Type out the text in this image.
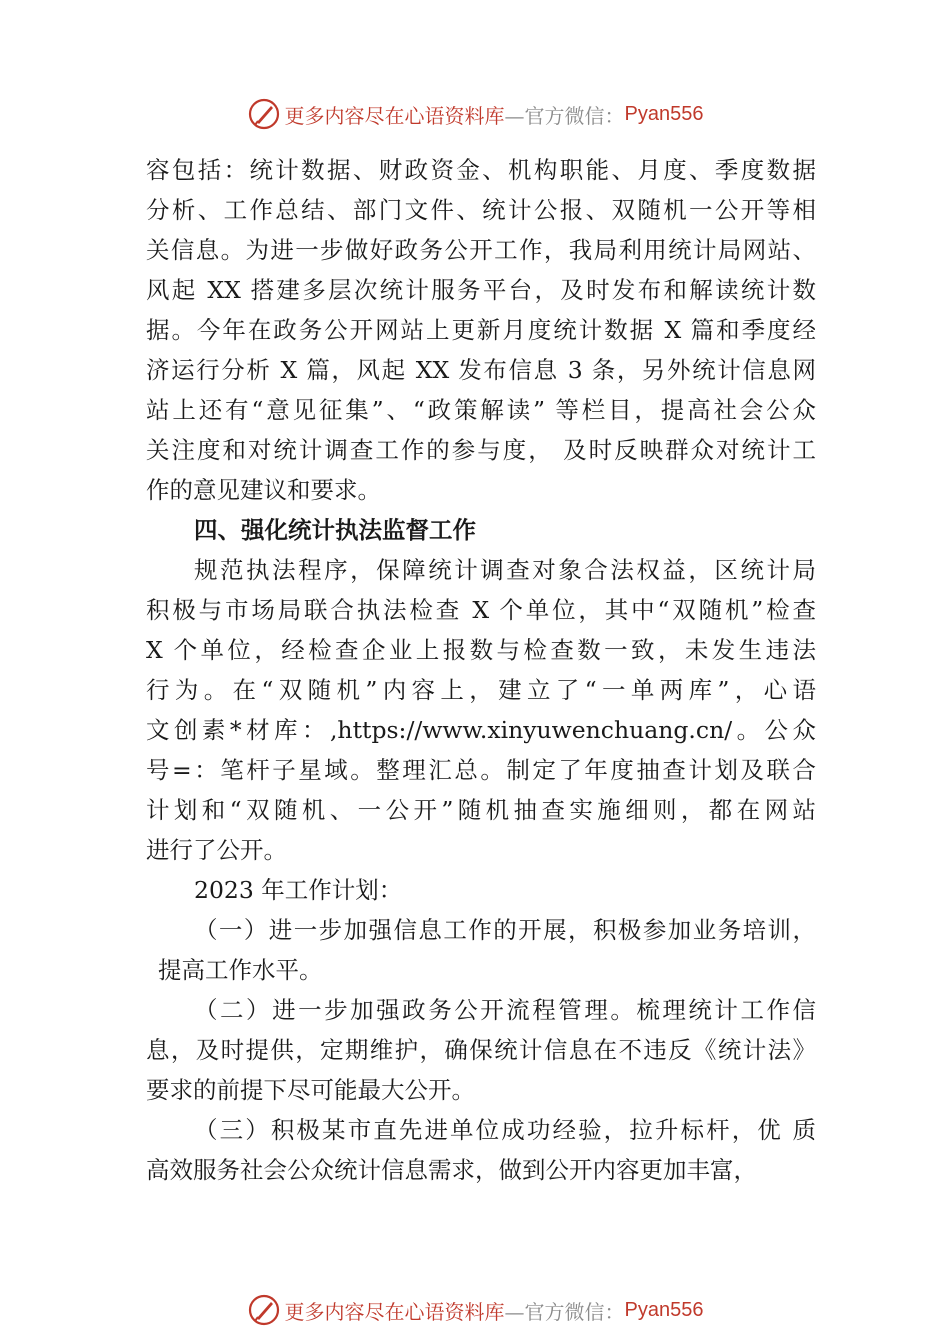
更多内容尽在心语资料库 —官方微信： Pyan556
容包括：统计数据、财政资金、机构职能、月度、季度数据
分析、工作总结、部门文件、统计公报、双随机一公开等相
关信息。为进一步做好政务公开工作，我局利用统计局网站、
风起 XX 搭建多层次统计服务平台，及时发布和解读统计数
据。今年在政务公开网站上更新月度统计数据 X 篇和季度经
济运行分析 X 篇，风起 XX 发布信息 3 条，另外统计信息网
站上还有“意见征集”、“政策解读” 等栏目，提高社会公众
关注度和对统计调查工作的参与度， 及时反映群众对统计工
作的意见建议和要求。
四、强化统计执法监督工作
规范执法程序，保障统计调查对象合法权益，区统计局
积极与市场局联合执法检查 X 个单位，其中“双随机”检查
X 个单位，经检查企业上报数与检查数一致，未发生违法
行为。在“双随机”内容上，建立了“一单两库”，心语
文创素*材库：,https://www.xinyuwenchuang.cn/。公众
号=：笔杆子星域。整理汇总。制定了年度抽查计划及联合
计划和“双随机、一公开”随机抽查实施细则，都在网站
进行了公开。
2023 年工作计划：
（一）进一步加强信息工作的开展，积极参加业务培训，
提高工作水平。
（二）进一步加强政务公开流程管理。梳理统计工作信
息，及时提供，定期维护，确保统计信息在不违反《统计法》
要求的前提下尽可能最大公开。
（三）积极某市直先进单位成功经验，拉升标杆，优 质
高效服务社会公众统计信息需求，做到公开内容更加丰富，
更多内容尽在心语资料库 —官方微信： Pyan556
